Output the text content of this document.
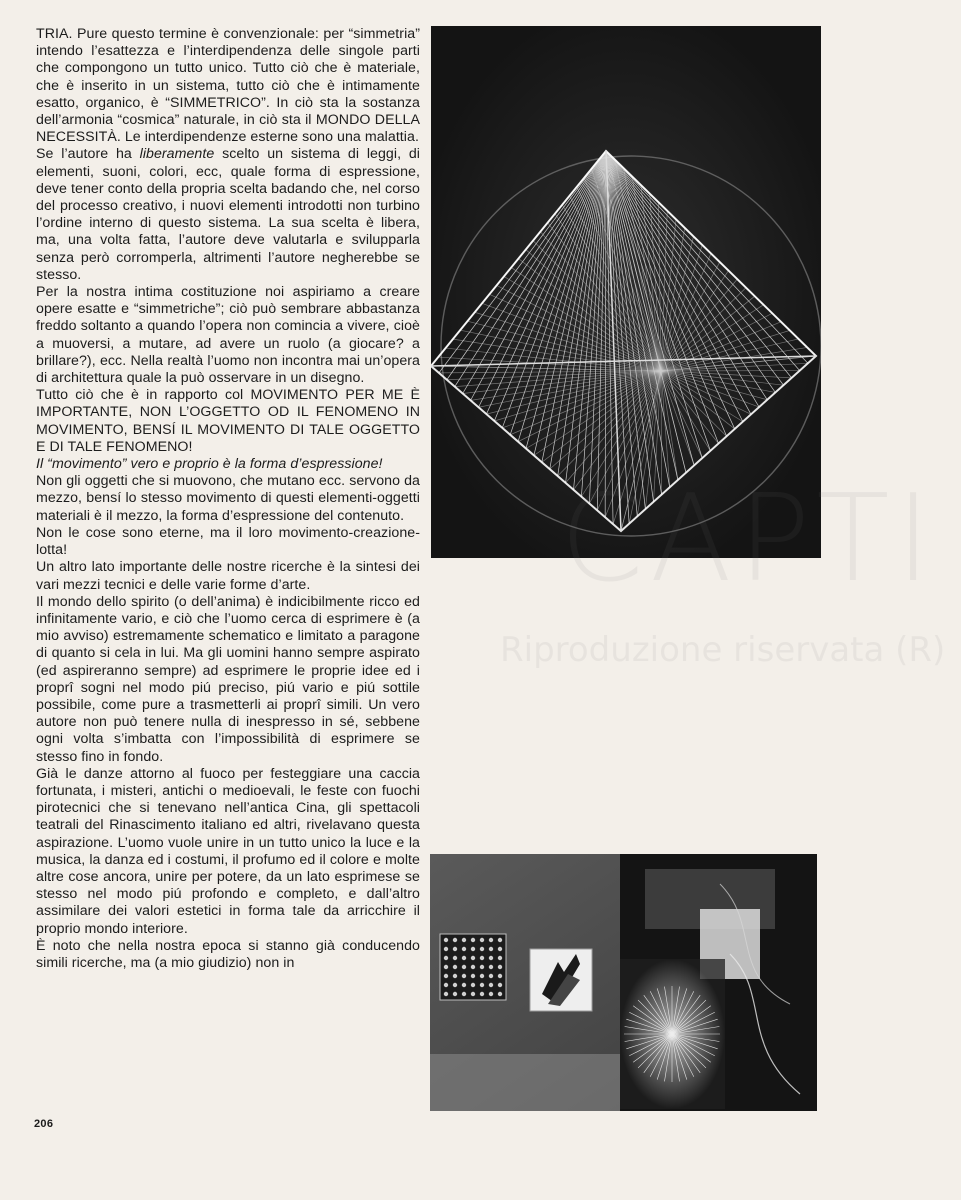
TRIA. Pure questo termine è convenzionale: per “simmetria” intendo l’esattezza e l’interdipendenza delle singole parti che compongono un tutto unico. Tutto ciò che è materiale, che è inserito in un sistema, tutto ciò che è intimamente esatto, organico, è “SIMMETRICO”. In ciò sta la sostanza dell’armonia “cosmica” naturale, in ciò sta il MONDO DELLA NECESSITÀ. Le interdipendenze esterne sono una malattia.

Se l’autore ha liberamente scelto un sistema di leggi, di elementi, suoni, colori, ecc, quale forma di espressione, deve tener conto della propria scelta badando che, nel corso del processo creativo, i nuovi elementi introdotti non turbino l’ordine interno di questo sistema. La sua scelta è libera, ma, una volta fatta, l’autore deve valutarla e svilupparla senza però corromperla, altrimenti l’autore negherebbe se stesso.

Per la nostra intima costituzione noi aspiriamo a creare opere esatte e “simmetriche”; ciò può sembrare abbastanza freddo soltanto a quando l’opera non comincia a vivere, cioè a muoversi, a mutare, ad avere un ruolo (a giocare? a brillare?), ecc. Nella realtà l’uomo non incontra mai un’opera di architettura quale la può osservare in un disegno.

Tutto ciò che è in rapporto col MOVIMENTO PER ME È IMPORTANTE, NON L’OGGETTO OD IL FENOMENO IN MOVIMENTO, BENSÍ IL MOVIMENTO DI TALE OGGETTO E DI TALE FENOMENO!

Il “movimento” vero e proprio è la forma d’espressione!

Non gli oggetti che si muovono, che mutano ecc. servono da mezzo, bensí lo stesso movimento di questi elementi-oggetti materiali è il mezzo, la forma d’espressione del contenuto.

Non le cose sono eterne, ma il loro movimento-creazione-lotta!

Un altro lato importante delle nostre ricerche è la sintesi dei vari mezzi tecnici e delle varie forme d’arte.

Il mondo dello spirito (o dell’anima) è indicibilmente ricco ed infinitamente vario, e ciò che l’uomo cerca di esprimere è (a mio avviso) estremamente schematico e limitato a paragone di quanto si cela in lui. Ma gli uomini hanno sempre aspirato (ed aspireranno sempre) ad esprimere le proprie idee ed i proprî sogni nel modo piú preciso, piú vario e piú sottile possibile, come pure a trasmetterli ai proprî simili. Un vero autore non può tenere nulla di inespresso in sé, sebbene ogni volta s’imbatta con l’impossibilità di esprimere se stesso fino in fondo.

Già le danze attorno al fuoco per festeggiare una caccia fortunata, i misteri, antichi o medioevali, le feste con fuochi pirotecnici che si tenevano nell’antica Cina, gli spettacoli teatrali del Rinascimento italiano ed altri, rivelavano questa aspirazione. L’uomo vuole unire in un tutto unico la luce e la musica, la danza ed i costumi, il profumo ed il colore e molte altre cose ancora, unire per potere, da un lato esprimese se stesso nel modo piú profondo e completo, e dall’altro assimilare dei valori estetici in forma tale da arricchire il proprio mondo interiore.

È noto che nella nostra epoca si stanno già conducendo simili ricerche, ma (a mio giudizio) non in

206
Riproduzione riservata (R)
